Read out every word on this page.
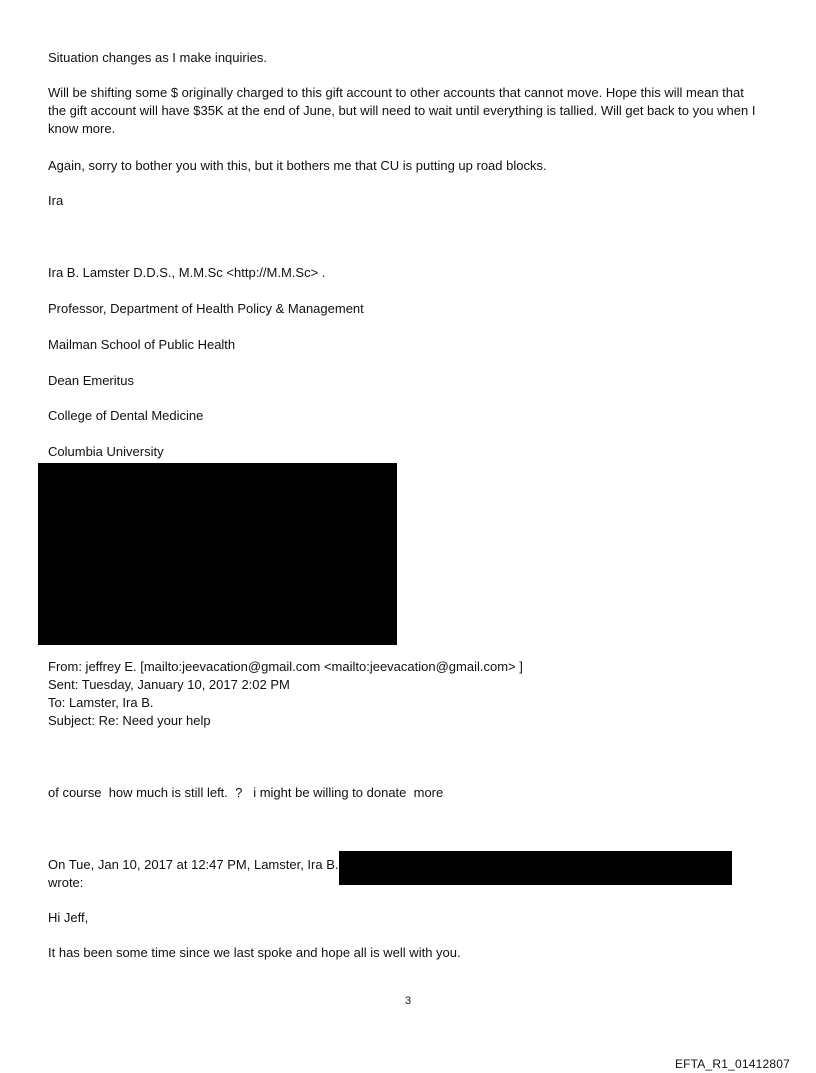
Situation changes as I make inquiries.

Will be shifting some $ originally charged to this gift account to other accounts that cannot move. Hope this will mean that the gift account will have $35K at the end of June, but will need to wait until everything is tallied. Will get back to you when I know more.

Again, sorry to bother you with this, but it bothers me that CU is putting up road blocks.

Ira

Ira B. Lamster D.D.S., M.M.Sc <http://M.M.Sc> .

Professor, Department of Health Policy & Management

Mailman School of Public Health

Dean Emeritus

College of Dental Medicine

Columbia University

From: jeffrey E. [mailto:jeevacation@gmail.com <mailto:jeevacation@gmail.com> ]

Sent: Tuesday, January 10, 2017 2:02 PM

To: Lamster, Ira B.

Subject: Re: Need your help

of course  how much is still left.  ?   i might be willing to donate  more

On Tue, Jan 10, 2017 at 12:47 PM, Lamster, Ira B.

wrote:

Hi Jeff,

It has been some time since we last spoke and hope all is well with you.

3
EFTA_R1_01412807
